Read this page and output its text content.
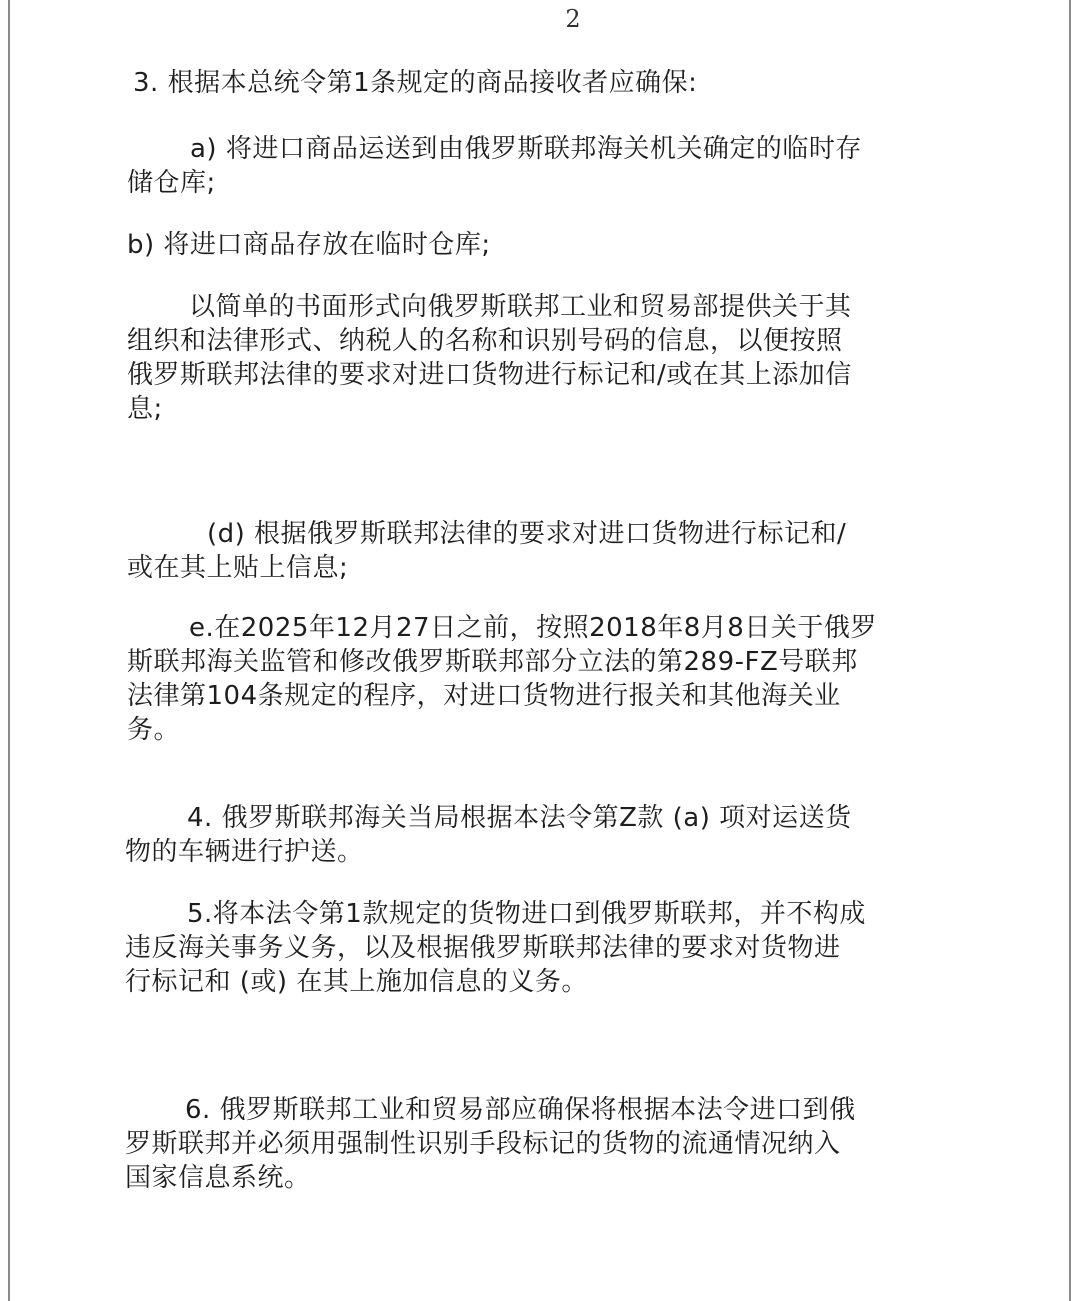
2
3. 根据本总统令第1条规定的商品接收者应确保:
a) 将进口商品运送到由俄罗斯联邦海关机关确定的临时存
储仓库;
b) 将进口商品存放在临时仓库;
以简单的书面形式向俄罗斯联邦工业和贸易部提供关于其
组织和法律形式、纳税人的名称和识别号码的信息，以便按照
俄罗斯联邦法律的要求对进口货物进行标记和/或在其上添加信
息;
(d) 根据俄罗斯联邦法律的要求对进口货物进行标记和/
或在其上贴上信息;
e.在2025年12月27日之前，按照2018年8月8日关于俄罗
斯联邦海关监管和修改俄罗斯联邦部分立法的第289-FZ号联邦
法律第104条规定的程序，对进口货物进行报关和其他海关业
务。
4. 俄罗斯联邦海关当局根据本法令第Z款 (a) 项对运送货
物的车辆进行护送。
5.将本法令第1款规定的货物进口到俄罗斯联邦，并不构成
违反海关事务义务，以及根据俄罗斯联邦法律的要求对货物进
行标记和 (或) 在其上施加信息的义务。
6. 俄罗斯联邦工业和贸易部应确保将根据本法令进口到俄
罗斯联邦并必须用强制性识别手段标记的货物的流通情况纳入
国家信息系统。
